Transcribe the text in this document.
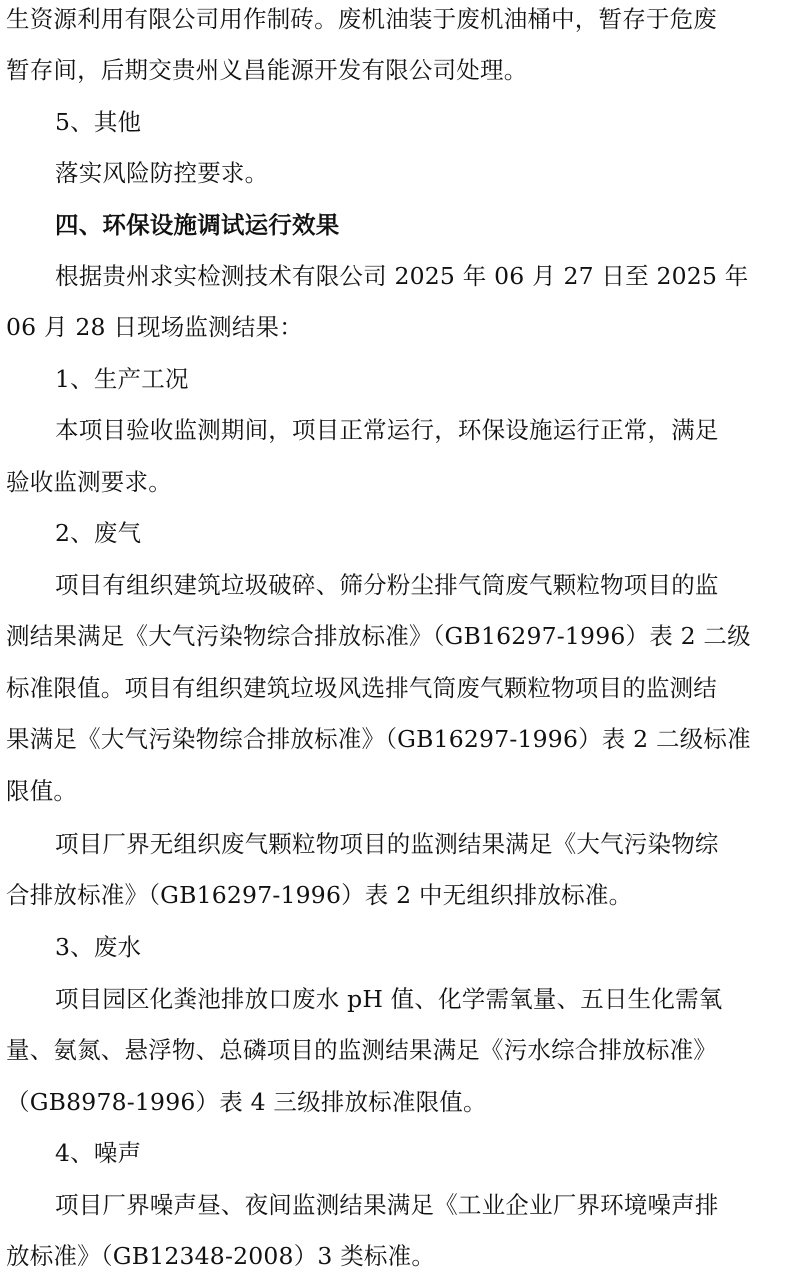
生资源利用有限公司用作制砖。废机油装于废机油桶中，暂存于危废
暂存间，后期交贵州义昌能源开发有限公司处理。
5、其他
落实风险防控要求。
四、环保设施调试运行效果
根据贵州求实检测技术有限公司 2025 年 06 月 27 日至 2025 年
06 月 28 日现场监测结果：
1、生产工况
本项目验收监测期间，项目正常运行，环保设施运行正常，满足
验收监测要求。
2、废气
项目有组织建筑垃圾破碎、筛分粉尘排气筒废气颗粒物项目的监
测结果满足《大气污染物综合排放标准》（GB16297-1996）表 2 二级
标准限值。项目有组织建筑垃圾风选排气筒废气颗粒物项目的监测结
果满足《大气污染物综合排放标准》（GB16297-1996）表 2 二级标准
限值。
项目厂界无组织废气颗粒物项目的监测结果满足《大气污染物综
合排放标准》（GB16297-1996）表 2 中无组织排放标准。
3、废水
项目园区化粪池排放口废水 pH 值、化学需氧量、五日生化需氧
量、氨氮、悬浮物、总磷项目的监测结果满足《污水综合排放标准》
（GB8978-1996）表 4 三级排放标准限值。
4、噪声
项目厂界噪声昼、夜间监测结果满足《工业企业厂界环境噪声排
放标准》（GB12348-2008）3 类标准。
